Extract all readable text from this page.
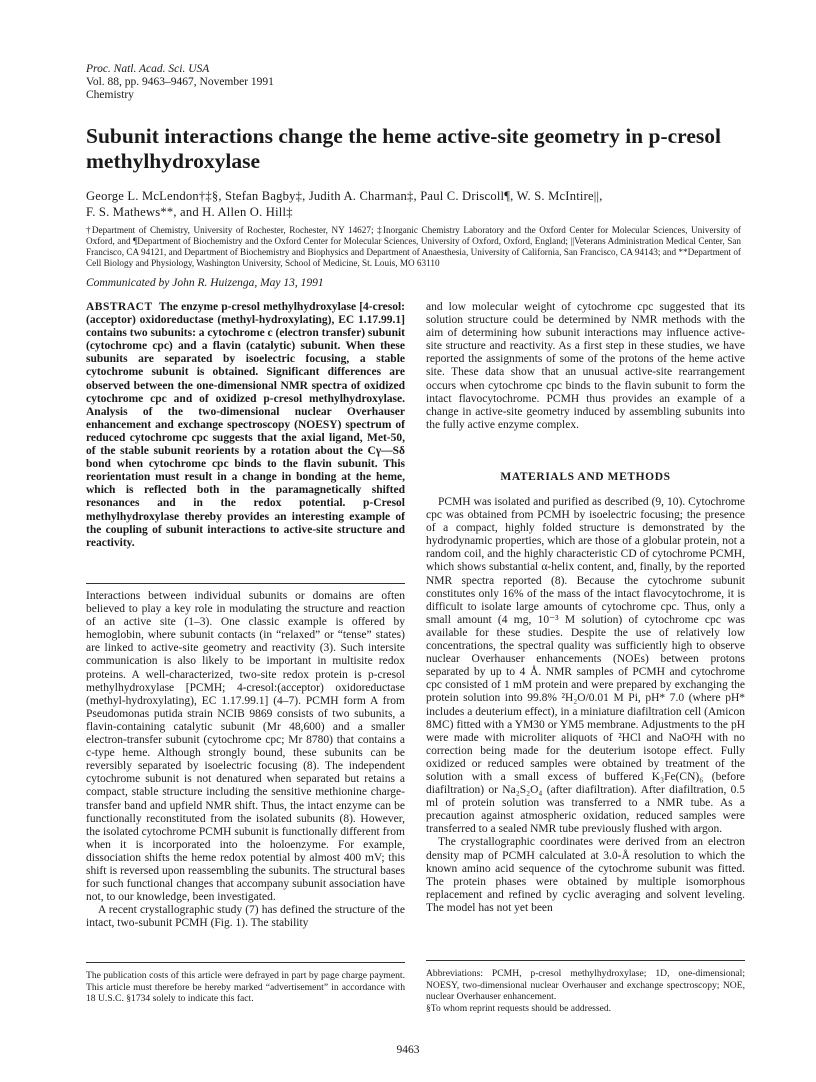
Proc. Natl. Acad. Sci. USA
Vol. 88, pp. 9463–9467, November 1991
Chemistry
Subunit interactions change the heme active-site geometry in p-cresol methylhydroxylase
George L. McLendon†‡§, Stefan Bagby‡, Judith A. Charman‡, Paul C. Driscoll¶, W. S. McIntire||,
F. S. Mathews**, and H. Allen O. Hill‡
†Department of Chemistry, University of Rochester, Rochester, NY 14627; ‡Inorganic Chemistry Laboratory and the Oxford Center for Molecular Sciences, University of Oxford, and ¶Department of Biochemistry and the Oxford Center for Molecular Sciences, University of Oxford, Oxford, England; ||Veterans Administration Medical Center, San Francisco, CA 94121, and Department of Biochemistry and Biophysics and Department of Anaesthesia, University of California, San Francisco, CA 94143; and **Department of Cell Biology and Physiology, Washington University, School of Medicine, St. Louis, MO 63110
Communicated by John R. Huizenga, May 13, 1991
ABSTRACT The enzyme p-cresol methylhydroxylase [4-cresol:(acceptor) oxidoreductase (methyl-hydroxylating), EC 1.17.99.1] contains two subunits: a cytochrome c (electron transfer) subunit (cytochrome cpc) and a flavin (catalytic) subunit. When these subunits are separated by isoelectric focusing, a stable cytochrome subunit is obtained. Significant differences are observed between the one-dimensional NMR spectra of oxidized cytochrome cpc and of oxidized p-cresol methylhydroxylase. Analysis of the two-dimensional nuclear Overhauser enhancement and exchange spectroscopy (NOESY) spectrum of reduced cytochrome cpc suggests that the axial ligand, Met-50, of the stable subunit reorients by a rotation about the Cγ—Sδ bond when cytochrome cpc binds to the flavin subunit. This reorientation must result in a change in bonding at the heme, which is reflected both in the paramagnetically shifted resonances and in the redox potential. p-Cresol methylhydroxylase thereby provides an interesting example of the coupling of subunit interactions to active-site structure and reactivity.

Interactions between individual subunits or domains are often believed to play a key role in modulating the structure and reaction of an active site (1–3). One classic example is offered by hemoglobin, where subunit contacts (in “relaxed” or “tense” states) are linked to active-site geometry and reactivity (3). Such intersite communication is also likely to be important in multisite redox proteins. A well-characterized, two-site redox protein is p-cresol methylhydroxylase [PCMH; 4-cresol:(acceptor) oxidoreductase (methyl-hydroxylating), EC 1.17.99.1] (4–7). PCMH form A from Pseudomonas putida strain NCIB 9869 consists of two subunits, a flavin-containing catalytic subunit (Mr 48,600) and a smaller electron-transfer subunit (cytochrome cpc; Mr 8780) that contains a c-type heme. Although strongly bound, these subunits can be reversibly separated by isoelectric focusing (8). The independent cytochrome subunit is not denatured when separated but retains a compact, stable structure including the sensitive methionine charge-transfer band and upfield NMR shift. Thus, the intact enzyme can be functionally reconstituted from the isolated subunits (8). However, the isolated cytochrome PCMH subunit is functionally different from when it is incorporated into the holoenzyme. For example, dissociation shifts the heme redox potential by almost 400 mV; this shift is reversed upon reassembling the subunits. The structural bases for such functional changes that accompany subunit association have not, to our knowledge, been investigated.

A recent crystallographic study (7) has defined the structure of the intact, two-subunit PCMH (Fig. 1). The stability

and low molecular weight of cytochrome cpc suggested that its solution structure could be determined by NMR methods with the aim of determining how subunit interactions may influence active-site structure and reactivity. As a first step in these studies, we have reported the assignments of some of the protons of the heme active site. These data show that an unusual active-site rearrangement occurs when cytochrome cpc binds to the flavin subunit to form the intact flavocytochrome. PCMH thus provides an example of a change in active-site geometry induced by assembling subunits into the fully active enzyme complex.

MATERIALS AND METHODS

PCMH was isolated and purified as described (9, 10). Cytochrome cpc was obtained from PCMH by isoelectric focusing; the presence of a compact, highly folded structure is demonstrated by the hydrodynamic properties, which are those of a globular protein, not a random coil, and the highly characteristic CD of cytochrome PCMH, which shows substantial α-helix content, and, finally, by the reported NMR spectra reported (8). Because the cytochrome subunit constitutes only 16% of the mass of the intact flavocytochrome, it is difficult to isolate large amounts of cytochrome cpc. Thus, only a small amount (4 mg, 10⁻³ M solution) of cytochrome cpc was available for these studies. Despite the use of relatively low concentrations, the spectral quality was sufficiently high to observe nuclear Overhauser enhancements (NOEs) between protons separated by up to 4 Å. NMR samples of PCMH and cytochrome cpc consisted of 1 mM protein and were prepared by exchanging the protein solution into 99.8% ²H₂O/0.01 M Pi, pH* 7.0 (where pH* includes a deuterium effect), in a miniature diafiltration cell (Amicon 8MC) fitted with a YM30 or YM5 membrane. Adjustments to the pH were made with microliter aliquots of ²HCl and NaO²H with no correction being made for the deuterium isotope effect. Fully oxidized or reduced samples were obtained by treatment of the solution with a small excess of buffered K₃Fe(CN)₆ (before diafiltration) or Na₂S₂O₄ (after diafiltration). After diafiltration, 0.5 ml of protein solution was transferred to a NMR tube. As a precaution against atmospheric oxidation, reduced samples were transferred to a sealed NMR tube previously flushed with argon.

The crystallographic coordinates were derived from an electron density map of PCMH calculated at 3.0-Å resolution to which the known amino acid sequence of the cytochrome subunit was fitted. The protein phases were obtained by multiple isomorphous replacement and refined by cyclic averaging and solvent leveling. The model has not yet been

The publication costs of this article were defrayed in part by page charge payment. This article must therefore be hereby marked “advertisement” in accordance with 18 U.S.C. §1734 solely to indicate this fact.
Abbreviations: PCMH, p-cresol methylhydroxylase; 1D, one-dimensional; NOESY, two-dimensional nuclear Overhauser and exchange spectroscopy; NOE, nuclear Overhauser enhancement.
§To whom reprint requests should be addressed.
9463
